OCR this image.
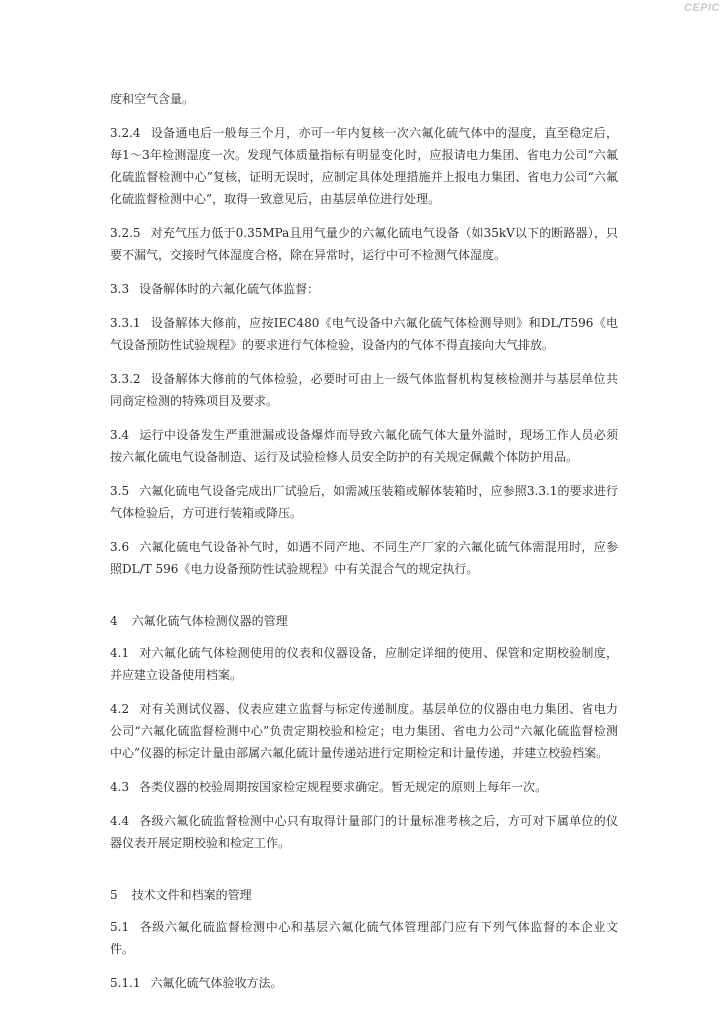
CEPIC

度和空气含量。

3.2.4 设备通电后一般每三个月，亦可一年内复核一次六氟化硫气体中的湿度，直至稳定后，每1～3年检测湿度一次。发现气体质量指标有明显变化时，应报请电力集团、省电力公司“六氟化硫监督检测中心”复核，证明无误时，应制定具体处理措施并上报电力集团、省电力公司“六氟化硫监督检测中心”，取得一致意见后，由基层单位进行处理。

3.2.5 对充气压力低于0.35MPa且用气量少的六氟化硫电气设备（如35kV以下的断路器），只要不漏气，交接时气体湿度合格，除在异常时，运行中可不检测气体湿度。

3.3 设备解体时的六氟化硫气体监督：

3.3.1 设备解体大修前，应按IEC480《电气设备中六氟化硫气体检测导则》和DL/T596《电气设备预防性试验规程》的要求进行气体检验，设备内的气体不得直接向大气排放。

3.3.2 设备解体大修前的气体检验，必要时可由上一级气体监督机构复核检测并与基层单位共同商定检测的特殊项目及要求。

3.4 运行中设备发生严重泄漏或设备爆炸而导致六氟化硫气体大量外溢时，现场工作人员必须按六氟化硫电气设备制造、运行及试验检修人员安全防护的有关规定佩戴个体防护用品。

3.5 六氟化硫电气设备完成出厂试验后，如需减压装箱或解体装箱时，应参照3.3.1的要求进行气体检验后，方可进行装箱或降压。

3.6 六氟化硫电气设备补气时，如遇不同产地、不同生产厂家的六氟化硫气体需混用时，应参照DL/T 596《电力设备预防性试验规程》中有关混合气的规定执行。

4 六氟化硫气体检测仪器的管理

4.1 对六氟化硫气体检测使用的仪表和仪器设备，应制定详细的使用、保管和定期校验制度，并应建立设备使用档案。

4.2 对有关测试仪器、仪表应建立监督与标定传递制度。基层单位的仪器由电力集团、省电力公司“六氟化硫监督检测中心”负责定期校验和检定；电力集团、省电力公司“六氟化硫监督检测中心”仪器的标定计量由部属六氟化硫计量传递站进行定期检定和计量传递，并建立校验档案。

4.3 各类仪器的校验周期按国家检定规程要求确定。暂无规定的原则上每年一次。

4.4 各级六氟化硫监督检测中心只有取得计量部门的计量标准考核之后，方可对下属单位的仪器仪表开展定期校验和检定工作。

5 技术文件和档案的管理

5.1 各级六氟化硫监督检测中心和基层六氟化硫气体管理部门应有下列气体监督的本企业文件。

5.1.1 六氟化硫气体验收方法。
